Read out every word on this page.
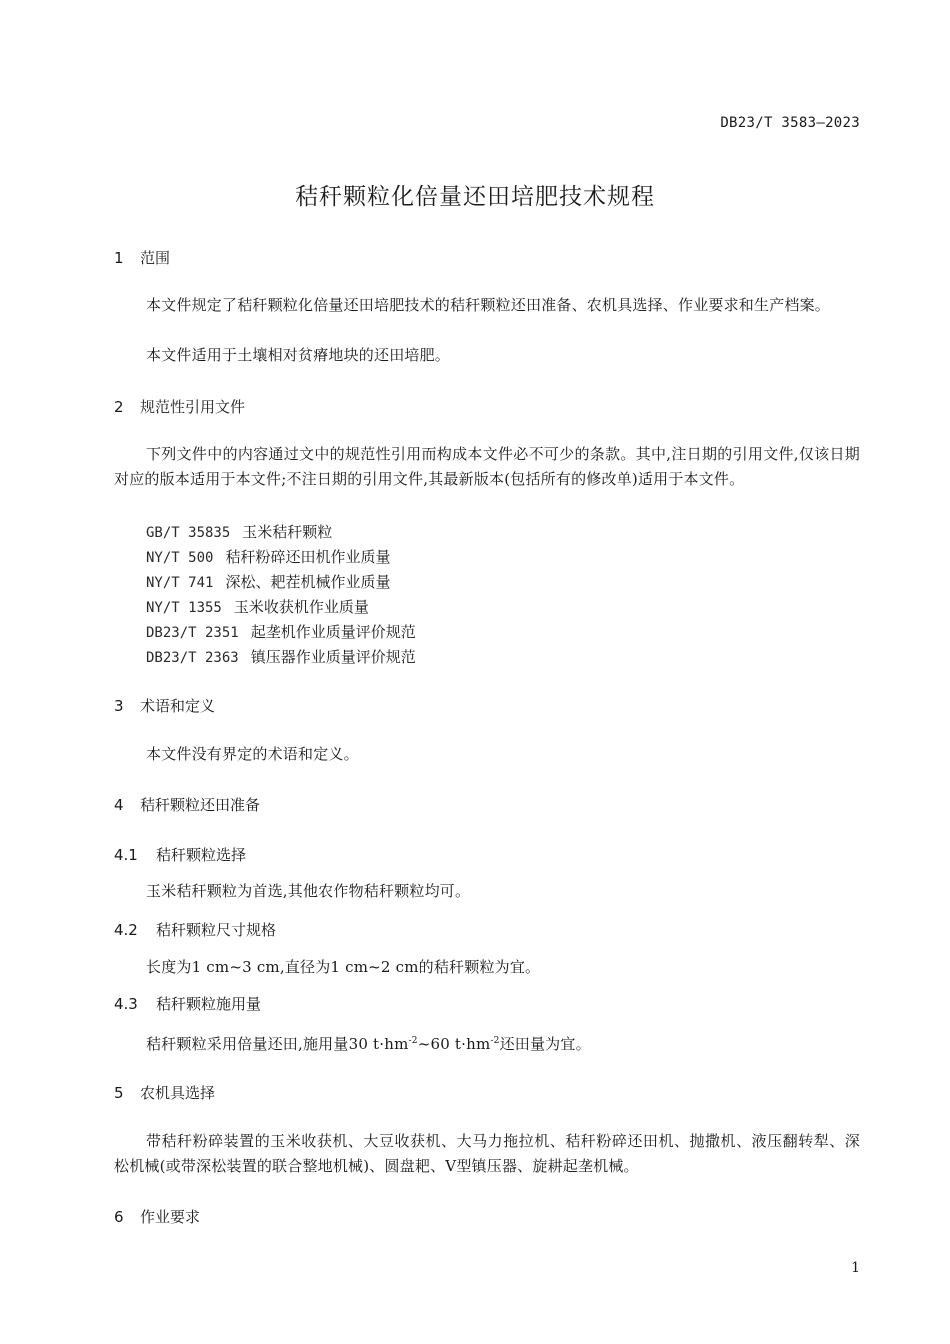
DB23/T 3583—2023
秸秆颗粒化倍量还田培肥技术规程
1 范围
本文件规定了秸秆颗粒化倍量还田培肥技术的秸秆颗粒还田准备、农机具选择、作业要求和生产档案。
本文件适用于土壤相对贫瘠地块的还田培肥。
2 规范性引用文件
下列文件中的内容通过文中的规范性引用而构成本文件必不可少的条款。其中,注日期的引用文件,仅该日期对应的版本适用于本文件;不注日期的引用文件,其最新版本(包括所有的修改单)适用于本文件。
GB/T 35835 玉米秸秆颗粒
NY/T 500 秸秆粉碎还田机作业质量
NY/T 741 深松、耙茬机械作业质量
NY/T 1355 玉米收获机作业质量
DB23/T 2351 起垄机作业质量评价规范
DB23/T 2363 镇压器作业质量评价规范
3 术语和定义
本文件没有界定的术语和定义。
4 秸秆颗粒还田准备
4.1 秸秆颗粒选择
玉米秸秆颗粒为首选,其他农作物秸秆颗粒均可。
4.2 秸秆颗粒尺寸规格
长度为1 cm~3 cm,直径为1 cm~2 cm的秸秆颗粒为宜。
4.3 秸秆颗粒施用量
秸秆颗粒采用倍量还田,施用量30 $t\cdot hm^{-2}\sim 60$ $t\cdot hm^{-2}$还田量为宜。
5 农机具选择
带秸秆粉碎装置的玉米收获机、大豆收获机、大马力拖拉机、秸秆粉碎还田机、抛撒机、液压翻转犁、深松机械(或带深松装置的联合整地机械)、圆盘耙、V型镇压器、旋耕起垄机械。
6 作业要求
1
